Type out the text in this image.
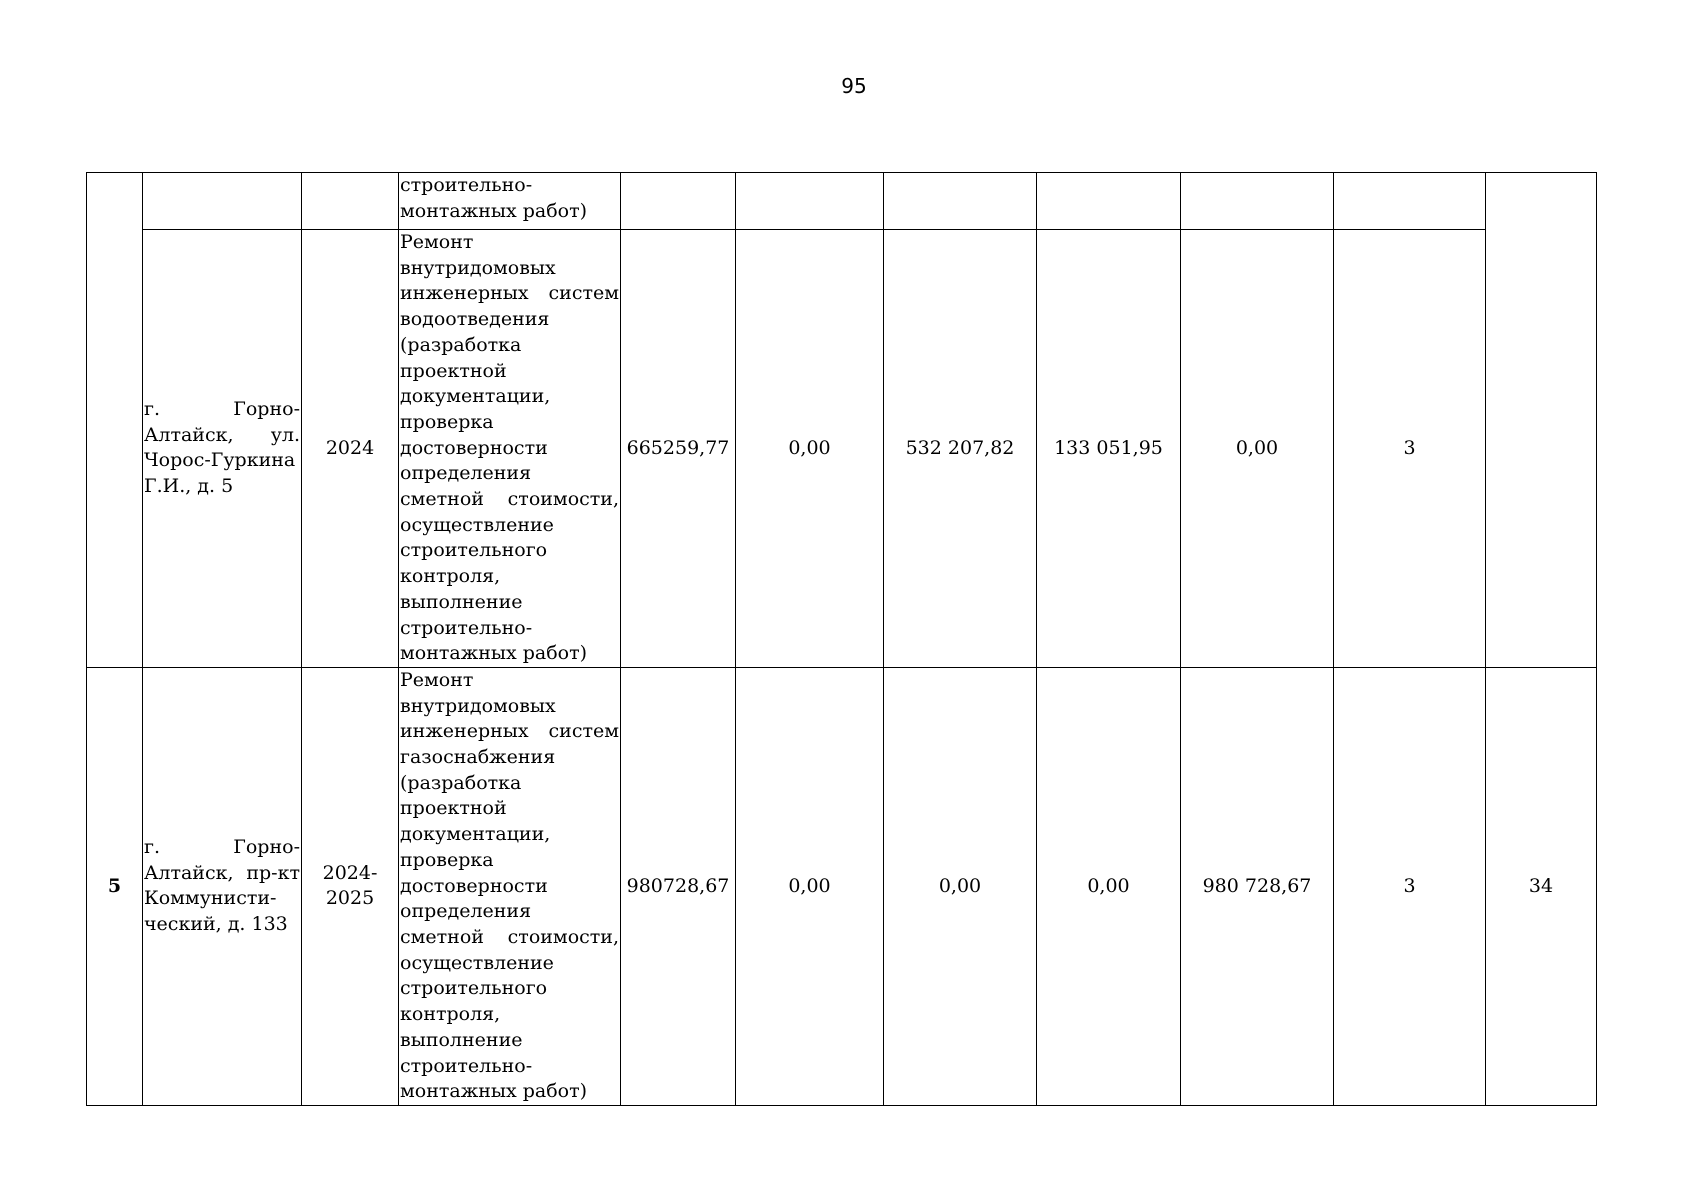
95

			строительно-монтажных работ)							

	г. Горно-Алтайск, ул. Чорос-Гуркина Г.И., д. 5	2024	Ремонт внутридомовых инженерных систем водоотведения (разработка проектной документации, проверка достоверности определения сметной стоимости, осуществление строительного контроля, выполнение строительно-монтажных работ)	665259,77	0,00	532 207,82	133 051,95	0,00	3	
5	г. Горно-Алтайск, пр-кт Коммунисти-ческий, д. 133	2024-2025	Ремонт внутридомовых инженерных систем газоснабжения (разработка проектной документации, проверка достоверности определения сметной стоимости, осуществление строительного контроля, выполнение строительно-монтажных работ)	980728,67	0,00	0,00	0,00	980 728,67	3	34
